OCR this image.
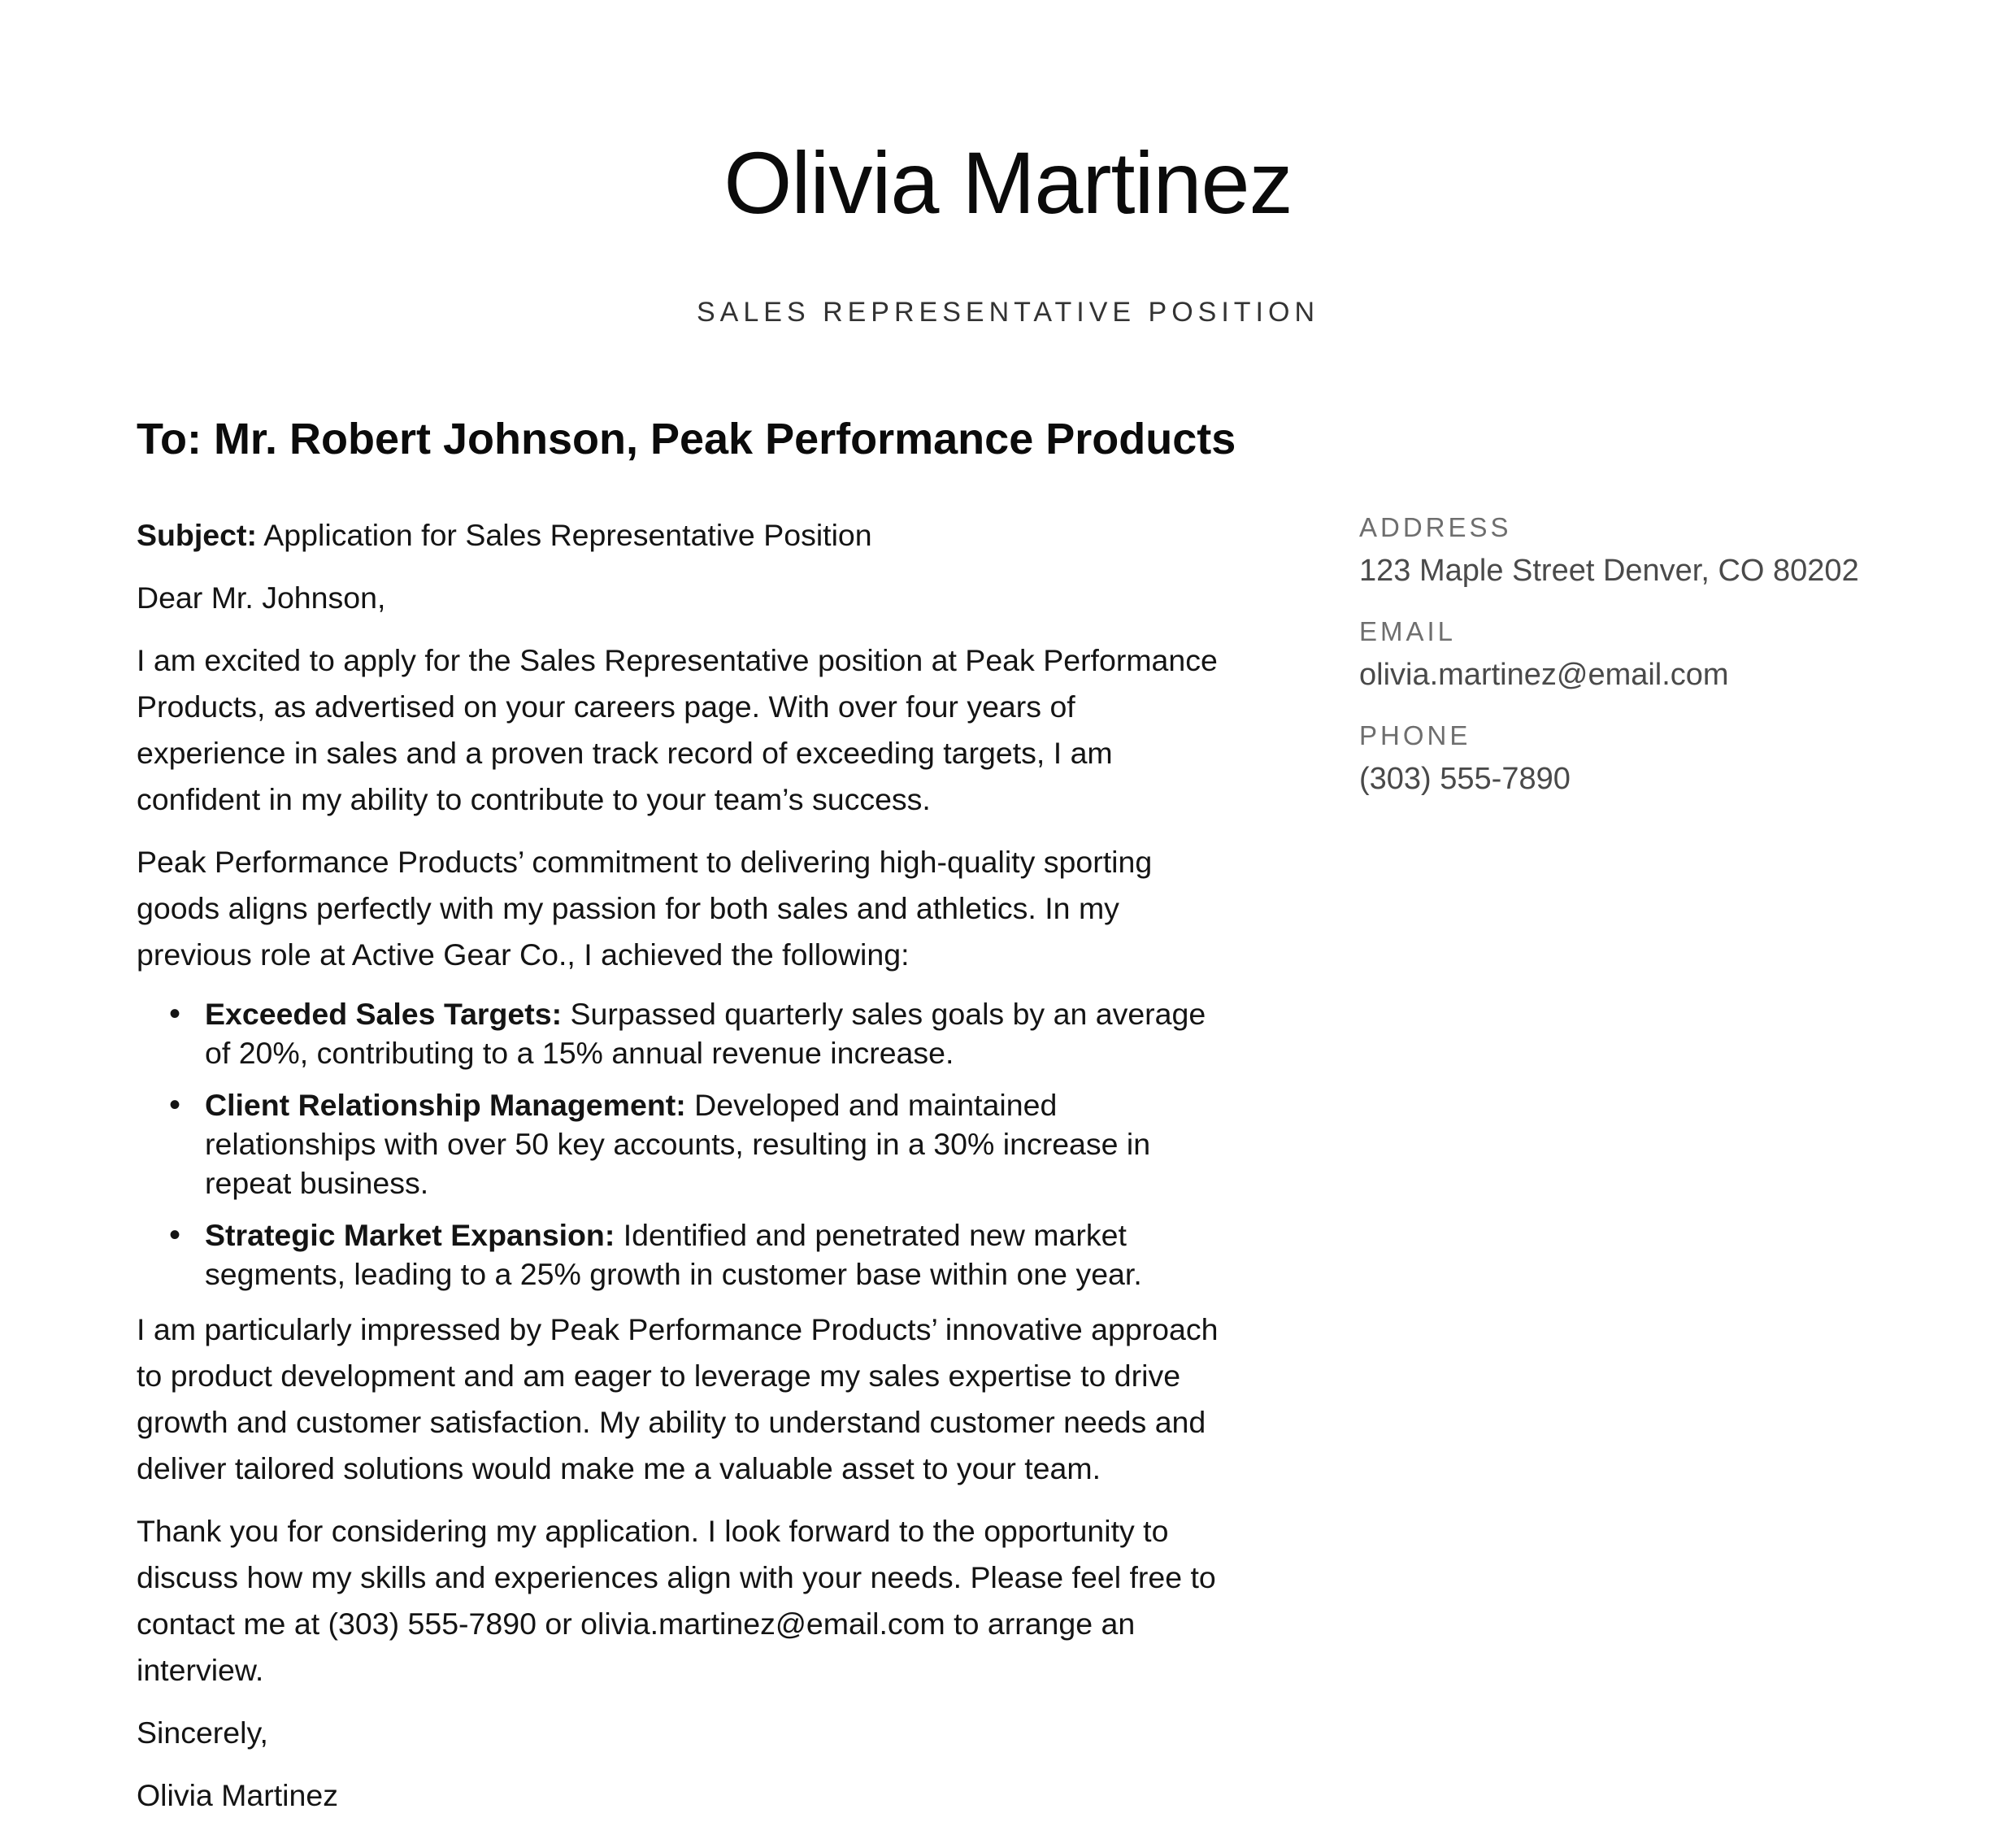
Olivia Martinez
SALES REPRESENTATIVE POSITION
To: Mr. Robert Johnson, Peak Performance Products

Subject: Application for Sales Representative Position

Dear Mr. Johnson,

I am excited to apply for the Sales Representative position at Peak Performance Products, as advertised on your careers page. With over four years of experience in sales and a proven track record of exceeding targets, I am confident in my ability to contribute to your team’s success.

Peak Performance Products’ commitment to delivering high-quality sporting goods aligns perfectly with my passion for both sales and athletics. In my previous role at Active Gear Co., I achieved the following:

• Exceeded Sales Targets: Surpassed quarterly sales goals by an average of 20%, contributing to a 15% annual revenue increase.
• Client Relationship Management: Developed and maintained relationships with over 50 key accounts, resulting in a 30% increase in repeat business.
• Strategic Market Expansion: Identified and penetrated new market segments, leading to a 25% growth in customer base within one year.

I am particularly impressed by Peak Performance Products’ innovative approach to product development and am eager to leverage my sales expertise to drive growth and customer satisfaction. My ability to understand customer needs and deliver tailored solutions would make me a valuable asset to your team.

Thank you for considering my application. I look forward to the opportunity to discuss how my skills and experiences align with your needs. Please feel free to contact me at (303) 555-7890 or olivia.martinez@email.com to arrange an interview.

Sincerely,

Olivia Martinez

ADDRESS

123 Maple Street Denver, CO 80202

EMAIL

olivia.martinez@email.com

PHONE

(303) 555-7890
